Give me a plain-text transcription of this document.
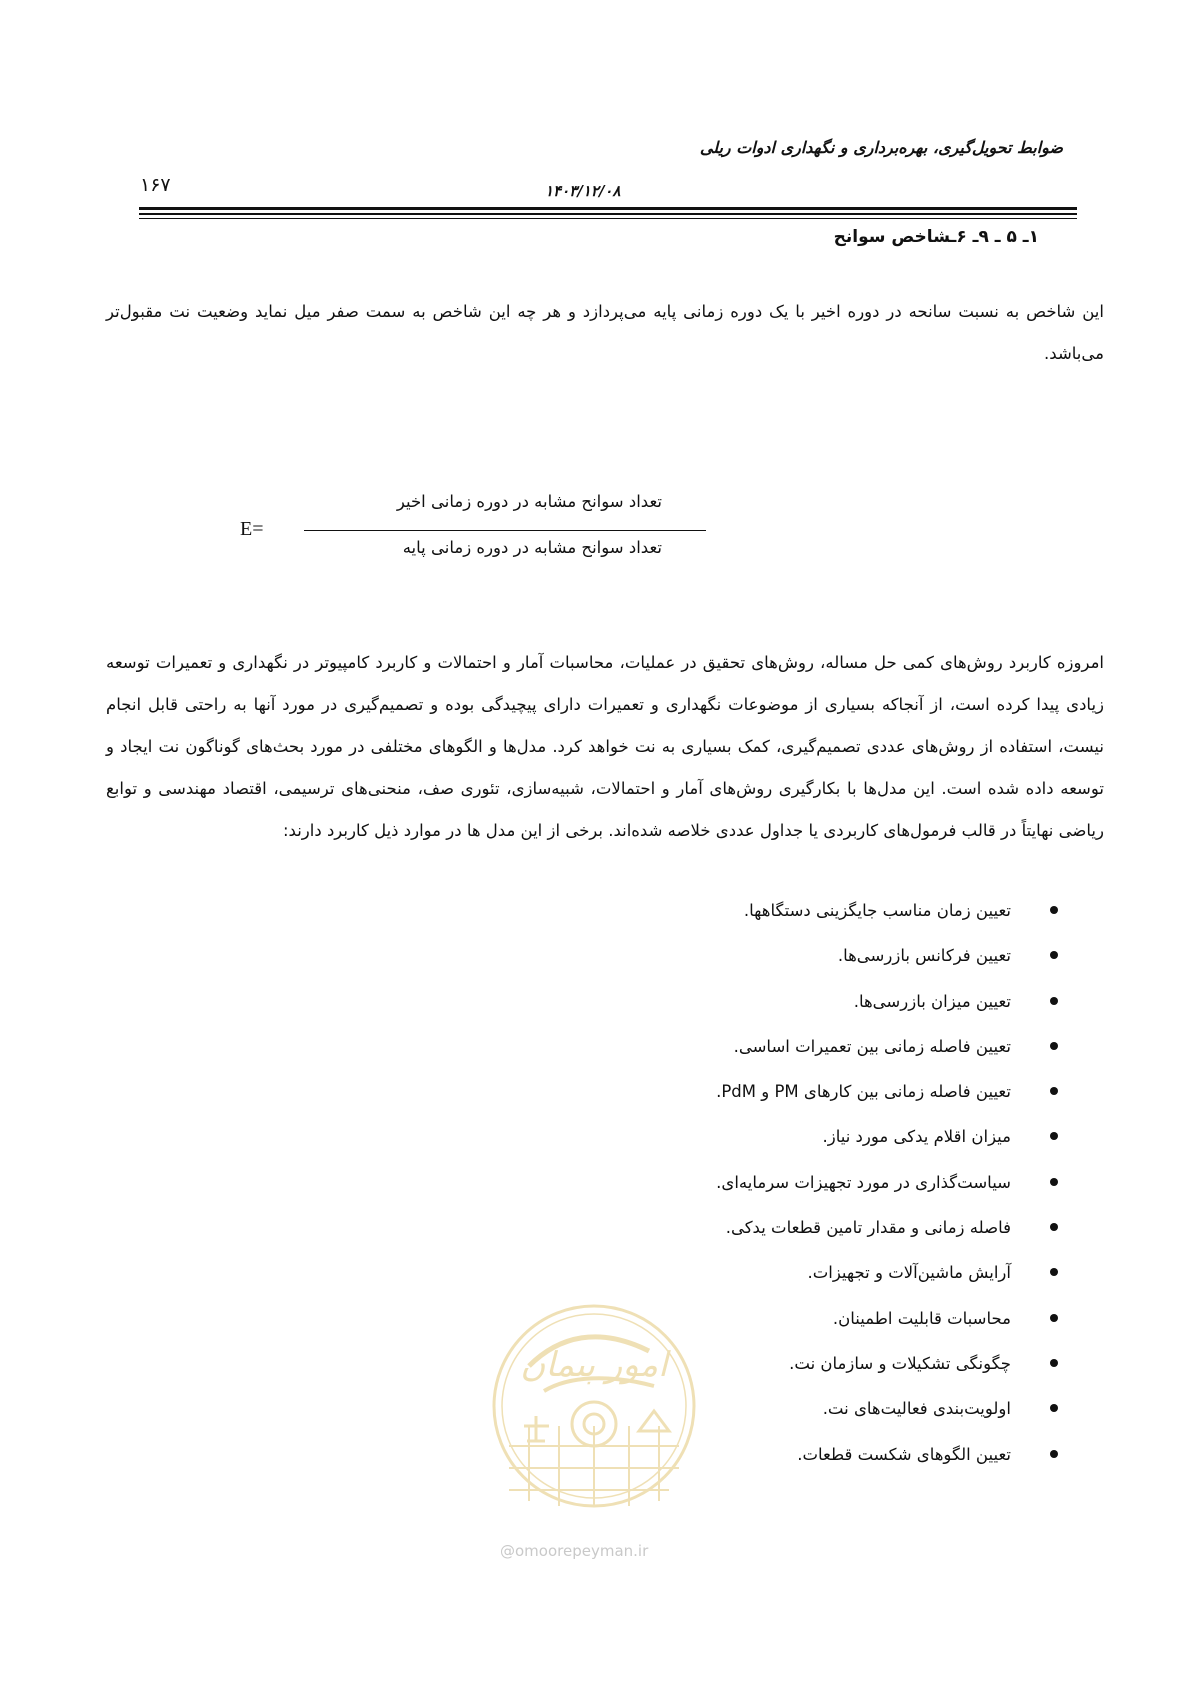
ضوابط تحویل‌گیری، بهره‌برداری و نگهداری ادوات ریلی
۱۶۷	۱۴۰۳/۱۲/۰۸
۱ـ ۵ ـ ۹ـ ۶ـشاخص سوانح

این شاخص به نسبت سانحه در دوره اخیر با یک دوره زمانی پایه می‌پردازد و هر چه این شاخص به سمت صفر میل نماید وضعیت نت مقبول‌تر می‌باشد.

E=
تعداد سوانح مشابه در دوره زمانی اخیر
تعداد سوانح مشابه در دوره زمانی پایه

امروزه کاربرد روش‌های کمی حل مساله، روش‌های تحقیق در عملیات، محاسبات آمار و احتمالات و کاربرد کامپیوتر در نگهداری و تعمیرات توسعه زیادی پیدا کرده است، از آنجاکه بسیاری از موضوعات نگهداری و تعمیرات دارای پیچیدگی بوده و تصمیم‌گیری در مورد آنها به راحتی قابل انجام نیست، استفاده از روش‌های عددی تصمیم‌گیری، کمک بسیاری به نت خواهد کرد. مدل‌ها و الگوهای مختلفی در مورد بحث‌های گوناگون نت ایجاد و توسعه داده شده است. این مدل‌ها با بکارگیری روش‌های آمار و احتمالات، شبیه‌سازی، تئوری صف، منحنی‌های ترسیمی، اقتصاد مهندسی و توابع ریاضی نهایتاً در قالب فرمول‌های کاربردی یا جداول عددی خلاصه شده‌اند. برخی از این مدل ها در موارد ذیل کاربرد دارند:

تعیین زمان مناسب جایگزینی دستگاهها.
تعیین فرکانس بازرسی‌ها.
تعیین میزان بازرسی‌ها.
تعیین فاصله زمانی بین تعمیرات اساسی.
تعیین فاصله زمانی بین کارهای PM و PdM.
میزان اقلام یدکی مورد نیاز.
سیاست‌گذاری در مورد تجهیزات سرمایه‌ای.
فاصله زمانی و مقدار تامین قطعات یدکی.
آرایش ماشین‌آلات و تجهیزات.
محاسبات قابلیت اطمینان.
چگونگی تشکیلات و سازمان نت.
اولویت‌بندی فعالیت‌های نت.
تعیین الگوهای شکست قطعات.
امور پیمان
@omoorepeyman.ir
